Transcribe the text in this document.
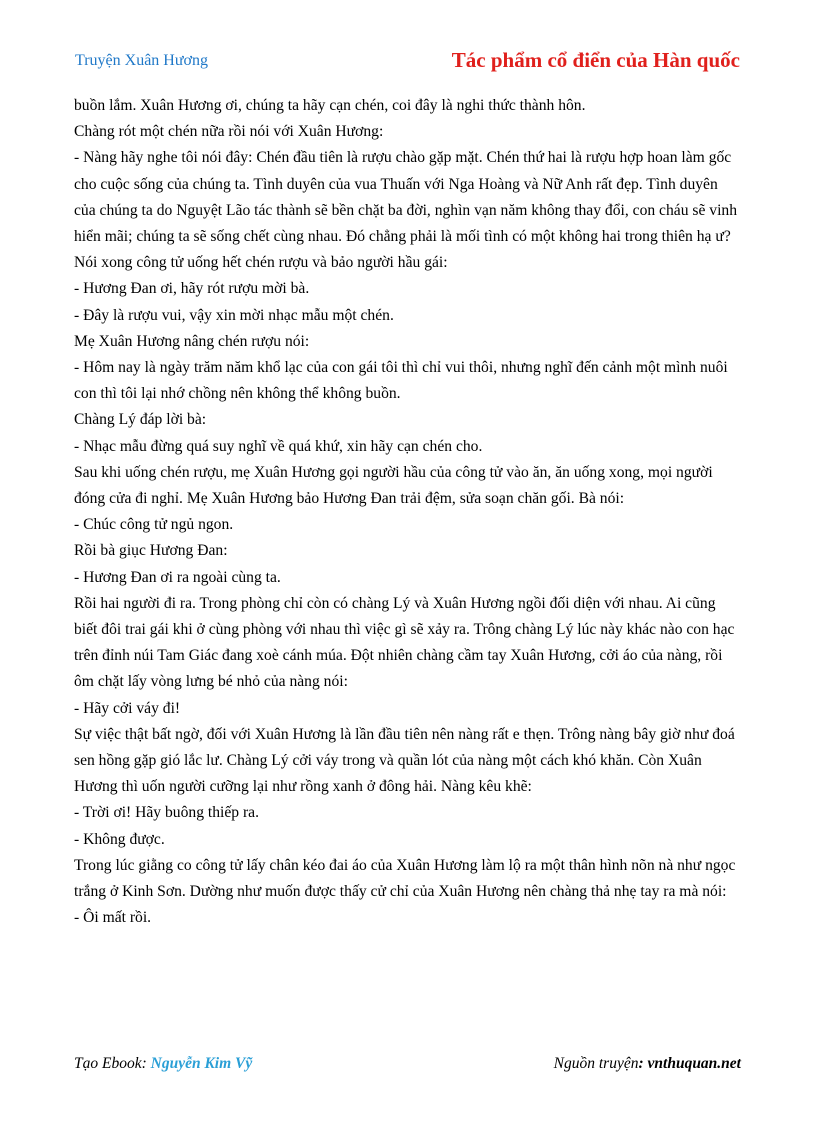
Truyện Xuân Hương	Tác phẩm cổ điển của Hàn quốc

buồn lắm. Xuân Hương ơi, chúng ta hãy cạn chén, coi đây là nghi thức thành hôn.

Chàng rót một chén nữa rồi nói với Xuân Hương:

- Nàng hãy nghe tôi nói đây: Chén đầu tiên là rượu chào gặp mặt. Chén thứ hai là rượu hợp hoan làm gốc cho cuộc sống của chúng ta. Tình duyên của vua Thuấn với Nga Hoàng và Nữ Anh rất đẹp. Tình duyên của chúng ta do Nguyệt Lão tác thành sẽ bền chặt ba đời, nghìn vạn năm không thay đổi, con cháu sẽ vinh hiển mãi; chúng ta sẽ sống chết cùng nhau. Đó chẳng phải là mối tình có một không hai trong thiên hạ ư?

Nói xong công tử uống hết chén rượu và bảo người hầu gái:

- Hương Đan ơi, hãy rót rượu mời bà.

- Đây là rượu vui, vậy xin mời nhạc mẫu một chén.

Mẹ Xuân Hương nâng chén rượu nói:

- Hôm nay là ngày trăm năm khổ lạc của con gái tôi thì chỉ vui thôi, nhưng nghĩ đến cảnh một mình nuôi con thì tôi lại nhớ chồng nên không thể không buồn.

Chàng Lý đáp lời bà:

- Nhạc mẫu đừng quá suy nghĩ về quá khứ, xin hãy cạn chén cho.

Sau khi uống chén rượu, mẹ Xuân Hương gọi người hầu của công tử vào ăn, ăn uống xong, mọi người đóng cửa đi nghỉ. Mẹ Xuân Hương bảo Hương Đan trải đệm, sửa soạn chăn gối. Bà nói:

- Chúc công tử ngủ ngon.

Rồi bà giục Hương Đan:

- Hương Đan ơi ra ngoài cùng ta.

Rồi hai người đi ra. Trong phòng chỉ còn có chàng Lý và Xuân Hương ngồi đối diện với nhau. Ai cũng biết đôi trai gái khi ở cùng phòng với nhau thì việc gì sẽ xảy ra. Trông chàng Lý lúc này khác nào con hạc trên đỉnh núi Tam Giác đang xoè cánh múa. Đột nhiên chàng cầm tay Xuân Hương, cởi áo của nàng, rồi ôm chặt lấy vòng lưng bé nhỏ của nàng nói:

- Hãy cởi váy đi!

Sự việc thật bất ngờ, đối với Xuân Hương là lần đầu tiên nên nàng rất e thẹn. Trông nàng bây giờ như đoá sen hồng gặp gió lắc lư. Chàng Lý cởi váy trong và quần lót của nàng một cách khó khăn. Còn Xuân Hương thì uốn người cưỡng lại như rồng xanh ở đông hải. Nàng kêu khẽ:

- Trời ơi! Hãy buông thiếp ra.

- Không được.

Trong lúc giằng co công tử lấy chân kéo đai áo của Xuân Hương làm lộ ra một thân hình nõn nà như ngọc trắng ở Kinh Sơn. Dường như muốn được thấy cử chỉ của Xuân Hương nên chàng thả nhẹ tay ra mà nói:

- Ôi mất rồi.

Tạo Ebook: Nguyễn Kim Vỹ	Nguồn truyện: vnthuquan.net
